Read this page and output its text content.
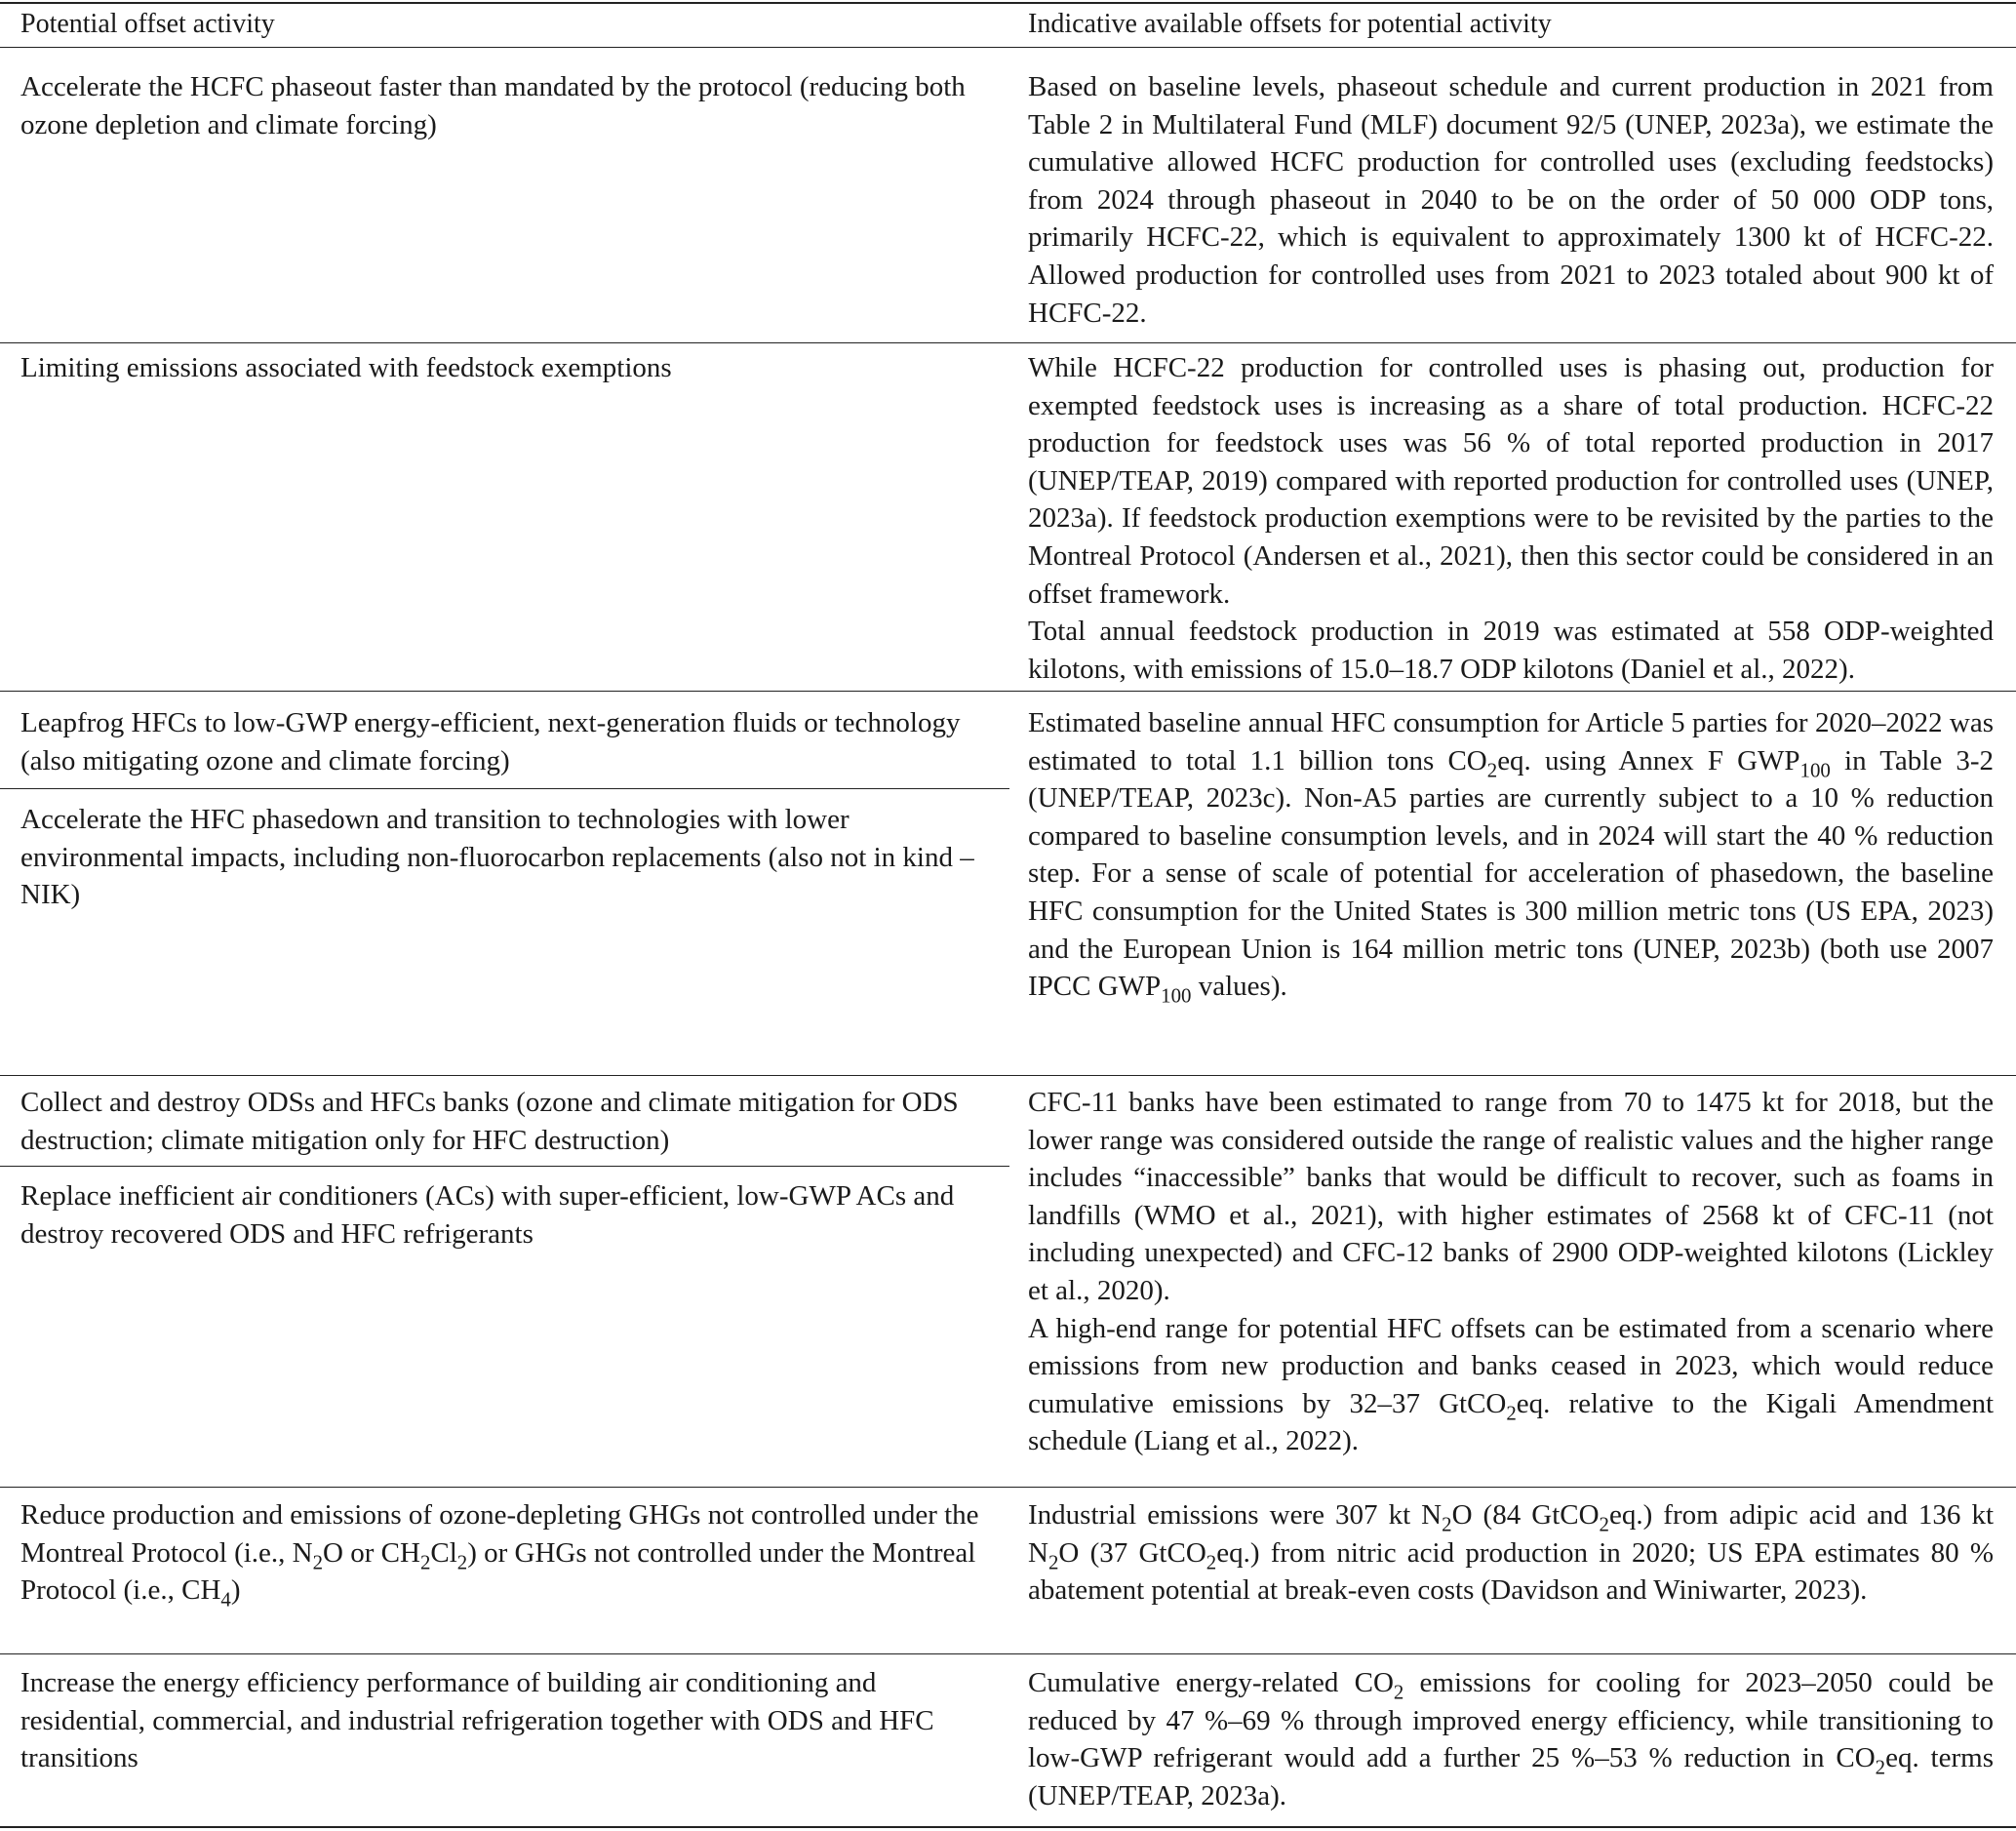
Potential offset activity	Indicative available offsets for potential activity
Accelerate the HCFC phaseout faster than mandated by the protocol (reducing both ozone depletion and climate forcing)
Based on baseline levels, phaseout schedule and current production in 2021 from Table 2 in Multilateral Fund (MLF) document 92/5 (UNEP, 2023a), we estimate the cumulative allowed HCFC production for controlled uses (excluding feedstocks) from 2024 through phaseout in 2040 to be on the order of 50 000 ODP tons, primarily HCFC-22, which is equivalent to approximately 1300 kt of HCFC-22. Allowed production for controlled uses from 2021 to 2023 totaled about 900 kt of HCFC-22.
Limiting emissions associated with feedstock exemptions	While HCFC-22 production for controlled uses is phasing out, production for exempted feedstock uses is increasing as a share of total production. HCFC-22 production for feedstock uses was 56 % of total reported production in 2017 (UNEP/TEAP, 2019) compared with reported production for controlled uses (UNEP, 2023a). If feedstock production exemptions were to be revisited by the parties to the Montreal Protocol (Andersen et al., 2021), then this sector could be considered in an offset framework.

Total annual feedstock production in 2019 was estimated at 558 ODP-weighted kilotons, with emissions of 15.0–18.7 ODP kilotons (Daniel et al., 2022).

Leapfrog HFCs to low-GWP energy-efficient, next-generation fluids or technology (also mitigating ozone and climate forcing)
Accelerate the HFC phasedown and transition to technologies with lower environmental impacts, including non-fluorocarbon replacements (also not in kind – NIK)
Estimated baseline annual HFC consumption for Article 5 parties for 2020–2022 was estimated to total 1.1 billion tons $CO_2eq$. using Annex F $GWP_{100}$ in Table 3-2 (UNEP/TEAP, 2023c). Non-A5 parties are currently subject to a 10 % reduction compared to baseline consumption levels, and in 2024 will start the 40 % reduction step. For a sense of scale of potential for acceleration of phasedown, the baseline HFC consumption for the United States is 300 million metric tons (US EPA, 2023) and the European Union is 164 million metric tons (UNEP, 2023b) (both use 2007 IPCC $GWP_{100}$ values).
Collect and destroy ODSs and HFCs banks (ozone and climate mitigation for ODS destruction; climate mitigation only for HFC destruction)
Replace inefficient air conditioners (ACs) with super-efficient, low-GWP ACs and destroy recovered ODS and HFC refrigerants

CFC-11 banks have been estimated to range from 70 to 1475 kt for 2018, but the lower range was considered outside the range of realistic values and the higher range includes “inaccessible” banks that would be difficult to recover, such as foams in landfills (WMO et al., 2021), with higher estimates of 2568 kt of CFC-11 (not including unexpected) and CFC-12 banks of 2900 ODP-weighted kilotons (Lickley et al., 2020).

A high-end range for potential HFC offsets can be estimated from a scenario where emissions from new production and banks ceased in 2023, which would reduce cumulative emissions by 32–37 GtCO$_2$eq. relative to the Kigali Amendment schedule (Liang et al., 2022).

Reduce production and emissions of ozone-depleting GHGs not controlled under the Montreal Protocol (i.e., $N_2O$ or $CH_2Cl_2$) or GHGs not controlled under the Montreal Protocol (i.e., $CH_4$)
Industrial emissions were 307 kt $N_2O$ (84 GtCO$_2$eq.) from adipic acid and 136 kt $N_2O$ (37 GtCO$_2$eq.) from nitric acid production in 2020; US EPA estimates 80 % abatement potential at break-even costs (Davidson and Winiwarter, 2023).
Increase the energy efficiency performance of building air conditioning and residential, commercial, and industrial refrigeration together with ODS and HFC transitions
Cumulative energy-related $CO_2$ emissions for cooling for 2023–2050 could be reduced by 47 %–69 % through improved energy efficiency, while transitioning to low-GWP refrigerant would add a further 25 %–53 % reduction in $CO_2eq$. terms (UNEP/TEAP, 2023a).
